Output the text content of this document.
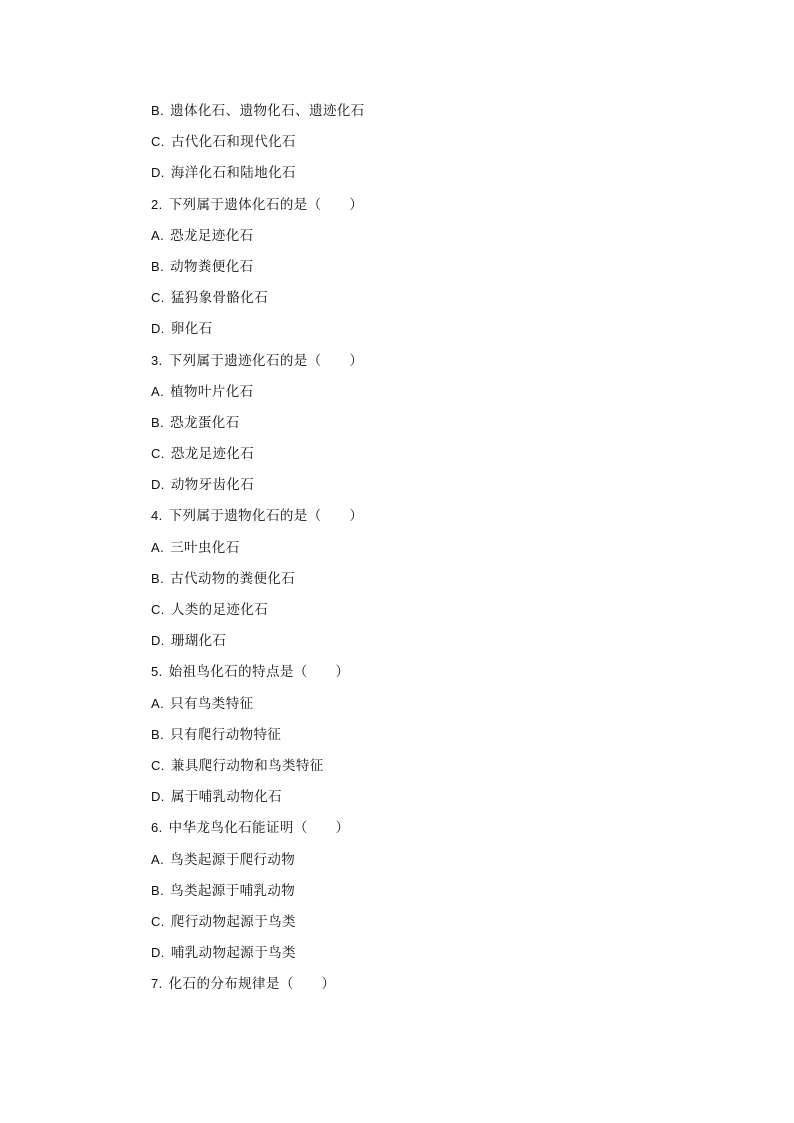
B. 遗体化石、遗物化石、遗迹化石
C. 古代化石和现代化石
D. 海洋化石和陆地化石
2. 下列属于遗体化石的是（　　）
A. 恐龙足迹化石
B. 动物粪便化石
C. 猛犸象骨骼化石
D. 卵化石
3. 下列属于遗迹化石的是（　　）
A. 植物叶片化石
B. 恐龙蛋化石
C. 恐龙足迹化石
D. 动物牙齿化石
4. 下列属于遗物化石的是（　　）
A. 三叶虫化石
B. 古代动物的粪便化石
C. 人类的足迹化石
D. 珊瑚化石
5. 始祖鸟化石的特点是（　　）
A. 只有鸟类特征
B. 只有爬行动物特征
C. 兼具爬行动物和鸟类特征
D. 属于哺乳动物化石
6. 中华龙鸟化石能证明（　　）
A. 鸟类起源于爬行动物
B. 鸟类起源于哺乳动物
C. 爬行动物起源于鸟类
D. 哺乳动物起源于鸟类
7. 化石的分布规律是（　　）
